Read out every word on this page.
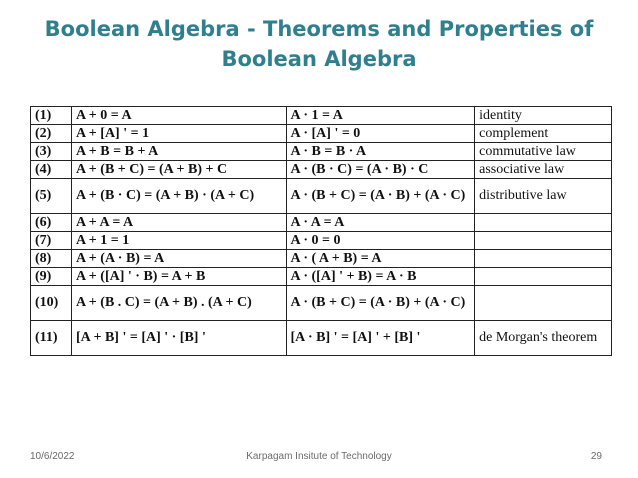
Boolean Algebra - Theorems and Properties of
Boolean Algebra
(1)	A + 0 = A	A · 1 = A	identity
(2)	A + [A] ' = 1	A · [A] ' = 0	complement
(3)	A + B = B + A	A · B = B · A	commutative law
(4)	A + (B + C) = (A + B) + C	A · (B · C) = (A · B) · C	associative law
(5)	A + (B · C) = (A + B) · (A + C)	A · (B + C) = (A · B) + (A · C)	distributive law
(6)	A + A = A	A · A = A	
(7)	A + 1 = 1	A · 0 = 0	
(8)	A + (A · B) = A	A · ( A + B) = A	
(9)	A + ([A] ' · B) = A + B	A · ([A] ' + B) = A · B	
(10)	A + (B . C) = (A + B) . (A + C)	A · (B + C) = (A · B) + (A · C)	
(11)	[A + B] ' = [A] ' · [B] '	[A · B] ' = [A] ' + [B] '	de Morgan's theorem
10/6/2022	Karpagam Insitute of Technology	29
